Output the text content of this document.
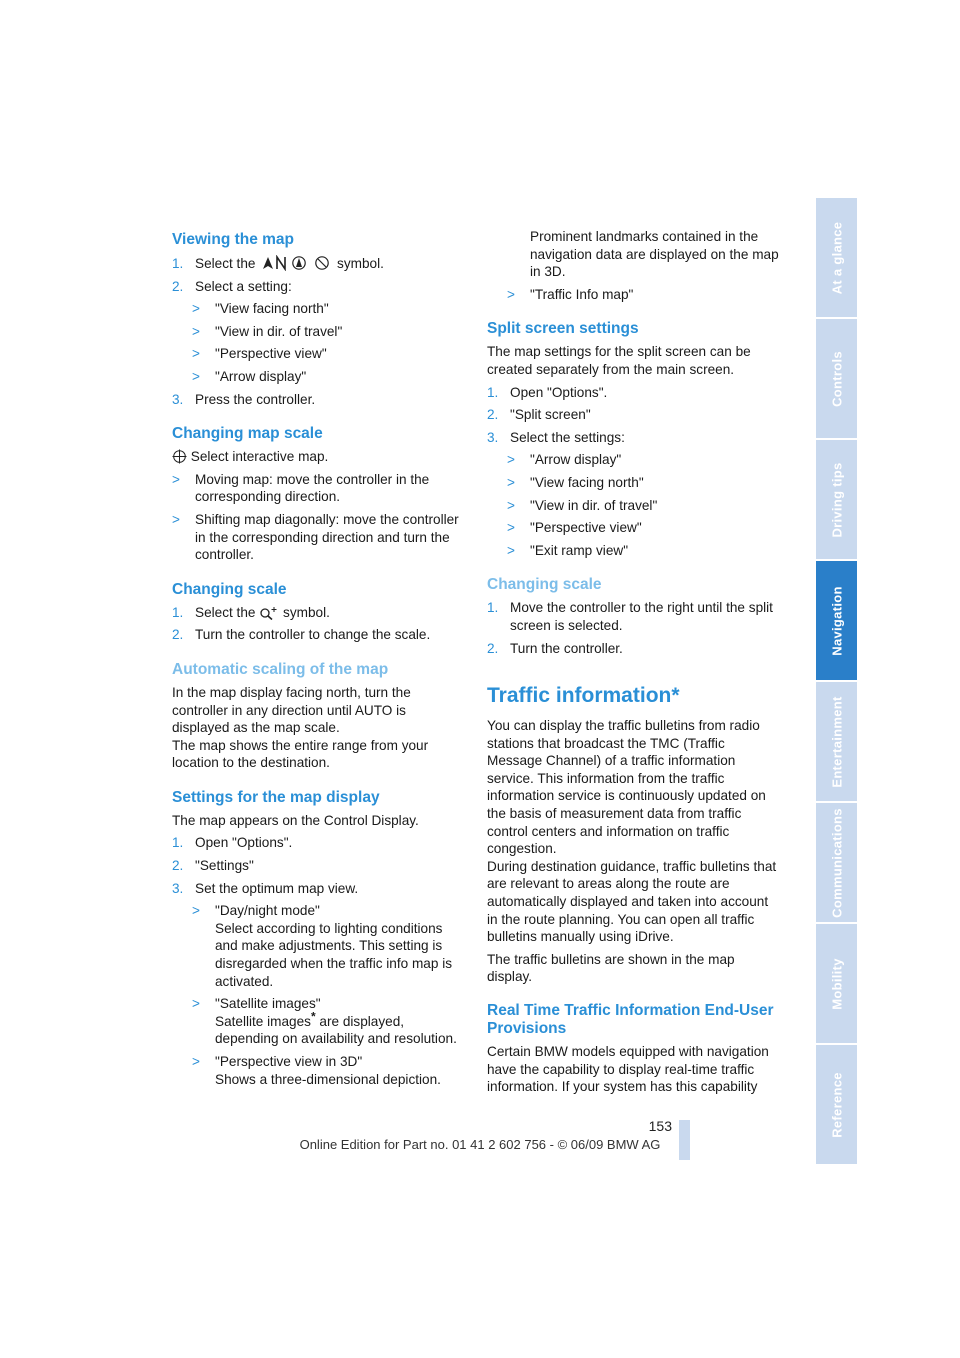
Viewing the map

1. Select the	symbol.

2. Select a setting:

> "View facing north"

> "View in dir. of travel"

> "Perspective view"

> "Arrow display"

3. Press the controller.

Changing map scale

Select interactive map.

> Moving map: move the controller in the corresponding direction.

> Shifting map diagonally: move the controller in the corresponding direction and turn the controller.

Changing scale

1. Select the symbol.

2. Turn the controller to change the scale.

Automatic scaling of the map

In the map display facing north, turn the controller in any direction until AUTO is displayed as the map scale.

The map shows the entire range from your location to the destination.

Settings for the map display

The map appears on the Control Display.

1. Open "Options".

2. "Settings"

3. Set the optimum map view.

> "Day/night mode"
Select according to lighting conditions and make adjustments. This setting is disregarded when the traffic info map is activated.
> "Satellite images"
Satellite images* are displayed, depending on availability and resolution.
> "Perspective view in 3D"
Shows a three-dimensional depiction.

Prominent landmarks contained in the navigation data are displayed on the map in 3D.

> "Traffic Info map"

Split screen settings

The map settings for the split screen can be created separately from the main screen.

1. Open "Options".

2. "Split screen"

3. Select the settings:

> "Arrow display"

> "View facing north"

> "View in dir. of travel"

> "Perspective view"

> "Exit ramp view"

Changing scale

1. Move the controller to the right until the split screen is selected.

2. Turn the controller.

Traffic information*

You can display the traffic bulletins from radio stations that broadcast the TMC (Traffic Message Channel) of a traffic information service. This information from the traffic information service is continuously updated on the basis of measurement data from traffic control centers and information on traffic congestion.

During destination guidance, traffic bulletins that are relevant to areas along the route are automatically displayed and taken into account in the route planning. You can open all traffic bulletins manually using iDrive.

The traffic bulletins are shown in the map display.

Real Time Traffic Information End-User Provisions

Certain BMW models equipped with navigation have the capability to display real-time traffic information. If your system has this capability

At a glance
Controls
Driving tips
Navigation
Entertainment
Communications
Mobility
Reference
153
Online Edition for Part no. 01 41 2 602 756 - © 06/09 BMW AG
